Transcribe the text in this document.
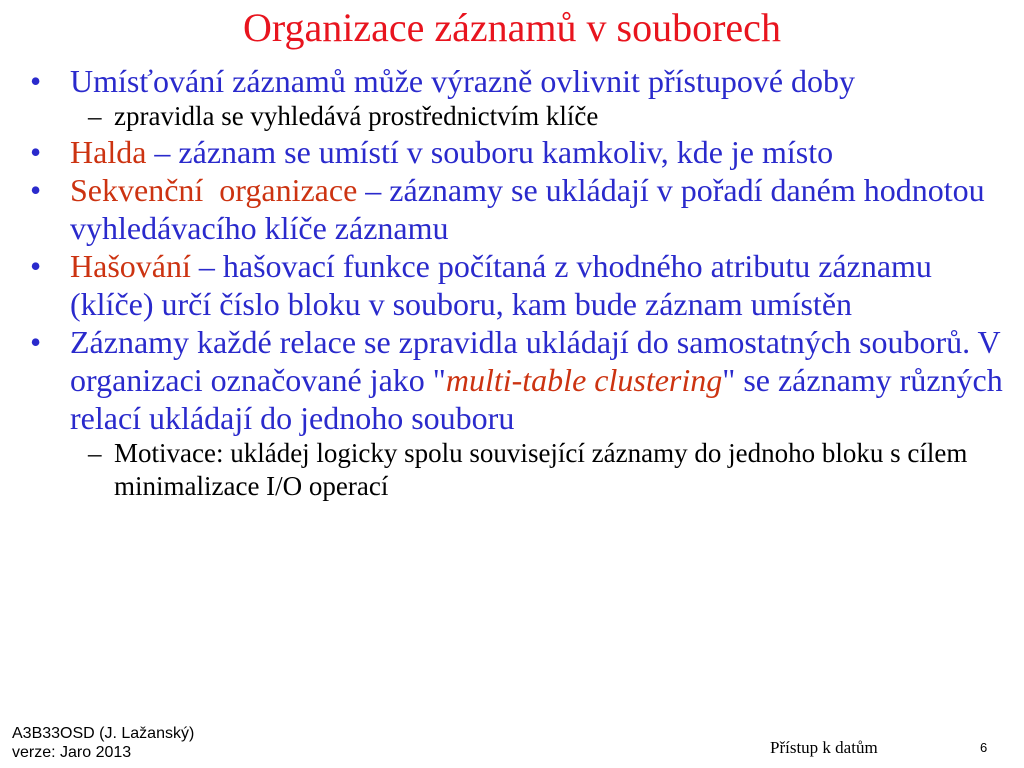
Organizace záznamů v souborech
• Umísťování záznamů může výrazně ovlivnit přístupové doby
– zpravidla se vyhledává prostřednictvím klíče
• Halda – záznam se umístí v souboru kamkoliv, kde je místo
• Sekvenční  organizace – záznamy se ukládají v pořadí daném hodnotou vyhledávacího klíče záznamu
• Hašování – hašovací funkce počítaná z vhodného atributu záznamu (klíče) určí číslo bloku v souboru, kam bude záznam umístěn
• Záznamy každé relace se zpravidla ukládají do samostatných souborů. V organizaci označované jako "multi-table clustering" se záznamy různých relací ukládají do jednoho souboru
– Motivace: ukládej logicky spolu související záznamy do jednoho bloku s cílem minimalizace I/O operací
A3B33OSD (J. Lažanský)
verze: Jaro 2013	Přístup k datům	6
